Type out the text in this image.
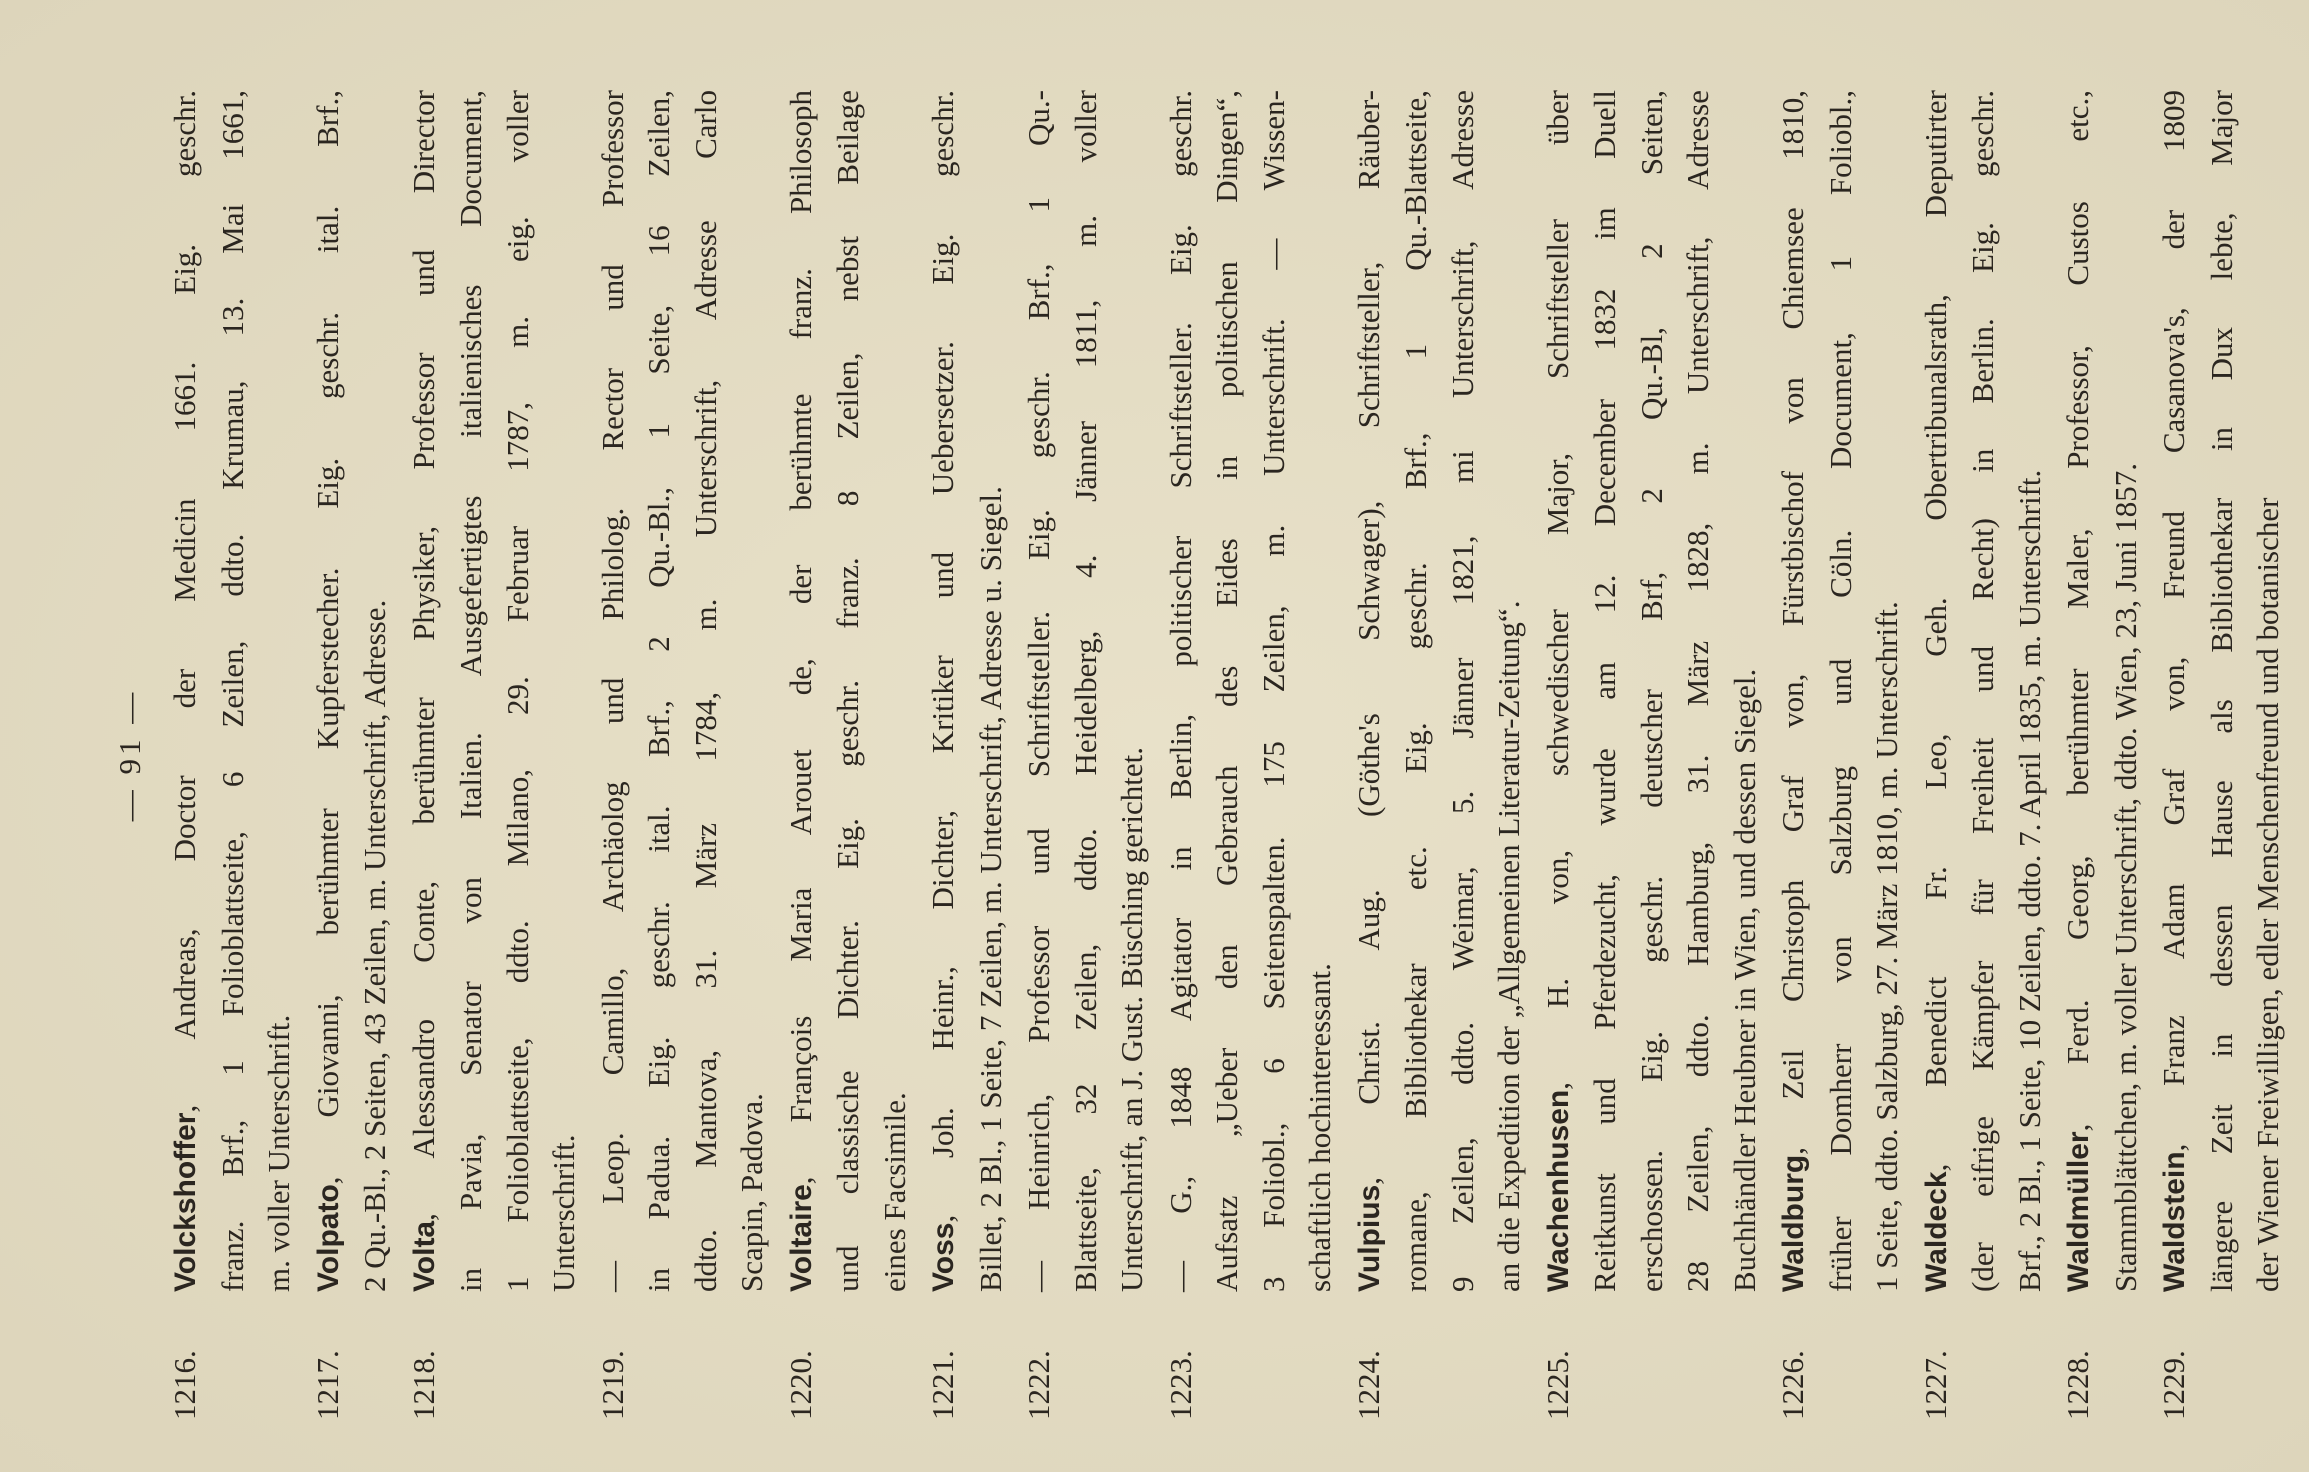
— 91 —
1216.
Volckshoffer, Andreas, Doctor der Medicin 1661. Eig. geschr. franz. Brf., 1 Folioblattseite, 6 Zeilen, ddto. Krumau, 13. Mai 1661, m. voller Unterschrift.
1217.
Volpato, Giovanni, berühmter Kupferstecher. Eig. geschr. ital. Brf., 2 Qu.-Bl., 2 Seiten, 43 Zeilen, m. Unterschrift, Adresse.
1218.
Volta, Alessandro Conte, berühmter Physiker, Professor und Director in Pavia, Senator von Italien. Ausgefertigtes italienisches Document, 1 Folioblattseite, ddto. Milano, 29. Februar 1787, m. eig. voller Unterschrift.
1219.
— Leop. Camillo, Archäolog und Philolog. Rector und Professor in Padua. Eig. geschr. ital. Brf., 2 Qu.-Bl., 1 Seite, 16 Zeilen, ddto. Mantova, 31. März 1784, m. Unterschrift, Adresse Carlo Scapin, Padova.
1220.
Voltaire, François Maria Arouet de, der berühmte franz. Philosoph und classische Dichter. Eig. geschr. franz. 8 Zeilen, nebst Beilage eines Facsimile.
1221.
Voss, Joh. Heinr., Dichter, Kritiker und Uebersetzer. Eig. geschr. Billet, 2 Bl., 1 Seite, 7 Zeilen, m. Unterschrift, Adresse u. Siegel.
1222.
— Heinrich, Professor und Schriftsteller. Eig. geschr. Brf., 1 Qu.- Blattseite, 32 Zeilen, ddto. Heidelberg, 4. Jänner 1811, m. voller Unterschrift, an J. Gust. Büsching gerichtet.
1223.
— G., 1848 Agitator in Berlin, politischer Schriftsteller. Eig. geschr. Aufsatz „Ueber den Gebrauch des Eides in politischen Dingen“, 3 Foliobl., 6 Seitenspalten. 175 Zeilen, m. Unterschrift. — Wissen- schaftlich hochinteressant.
1224.
Vulpius, Christ. Aug. (Göthe's Schwager), Schriftsteller, Räuber- romane, Bibliothekar etc. Eig. geschr. Brf., 1 Qu.-Blattseite, 9 Zeilen, ddto. Weimar, 5. Jänner 1821, mi Unterschrift, Adresse an die Expedition der „Allgemeinen Literatur-Zeitung“.
1225.
Wachenhusen, H. von, schwedischer Major, Schriftsteller über Reitkunst und Pferdezucht, wurde am 12. December 1832 im Duell erschossen. Eig. geschr. deutscher Brf, 2 Qu.-Bl, 2 Seiten, 28 Zeilen, ddto. Hamburg, 31. März 1828, m. Unterschrift, Adresse Buchhändler Heubner in Wien, und dessen Siegel.
1226.
Waldburg, Zeil Christoph Graf von, Fürstbischof von Chiemsee 1810, früher Domherr von Salzburg und Cöln. Document, 1 Foliobl., 1 Seite, ddto. Salzburg, 27. März 1810, m. Unterschrift.
1227.
Waldeck, Benedict Fr. Leo, Geh. Obertribunalsrath, Deputirter (der eifrige Kämpfer für Freiheit und Recht) in Berlin. Eig. geschr. Brf., 2 Bl., 1 Seite, 10 Zeilen, ddto. 7. April 1835, m. Unterschrift.
1228.
Waldmüller, Ferd. Georg, berühmter Maler, Professor, Custos etc., Stammblättchen, m. voller Unterschrift, ddto. Wien, 23, Juni 1857.
1229.
Waldstein, Franz Adam Graf von, Freund Casanova's, der 1809 längere Zeit in dessen Hause als Bibliothekar in Dux lebte, Major der Wiener Freiwilligen, edler Menschenfreund und botanischer
